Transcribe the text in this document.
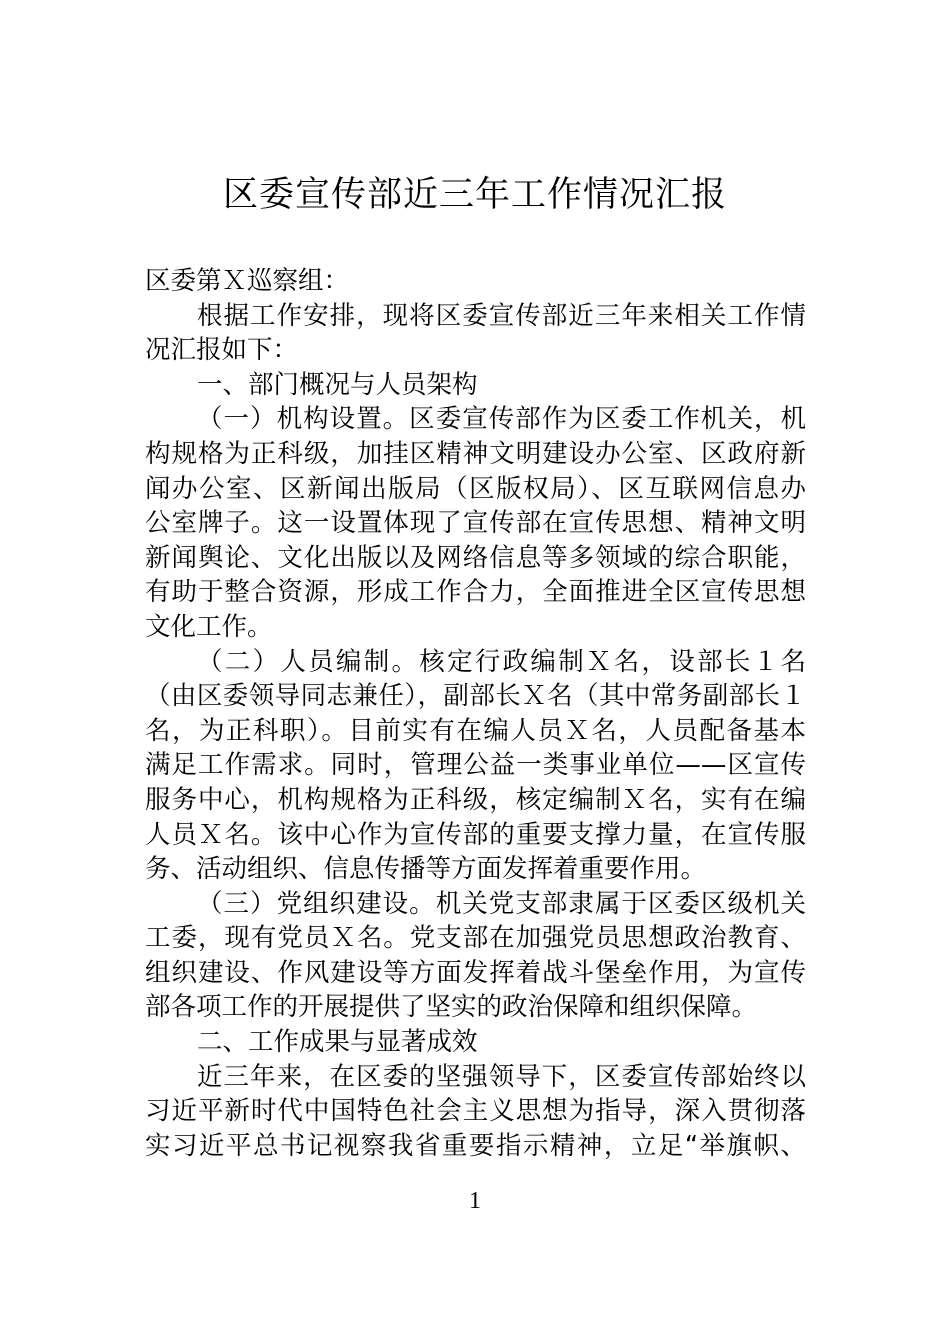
区委宣传部近三年工作情况汇报
区委第Ｘ巡察组：
根据工作安排，现将区委宣传部近三年来相关工作情
况汇报如下：
一、部门概况与人员架构
（一）机构设置。区委宣传部作为区委工作机关，机
构规格为正科级，加挂区精神文明建设办公室、区政府新
闻办公室、区新闻出版局（区版权局）、区互联网信息办
公室牌子。这一设置体现了宣传部在宣传思想、精神文明
新闻舆论、文化出版以及网络信息等多领域的综合职能，
有助于整合资源，形成工作合力，全面推进全区宣传思想
文化工作。
（二）人员编制。核定行政编制Ｘ名，设部长１名
（由区委领导同志兼任），副部长Ｘ名（其中常务副部长１
名，为正科职）。目前实有在编人员Ｘ名，人员配备基本
满足工作需求。同时，管理公益一类事业单位——区宣传
服务中心，机构规格为正科级，核定编制Ｘ名，实有在编
人员Ｘ名。该中心作为宣传部的重要支撑力量，在宣传服
务、活动组织、信息传播等方面发挥着重要作用。
（三）党组织建设。机关党支部隶属于区委区级机关
工委，现有党员Ｘ名。党支部在加强党员思想政治教育、
组织建设、作风建设等方面发挥着战斗堡垒作用，为宣传
部各项工作的开展提供了坚实的政治保障和组织保障。
二、工作成果与显著成效
近三年来，在区委的坚强领导下，区委宣传部始终以
习近平新时代中国特色社会主义思想为指导，深入贯彻落
实习近平总书记视察我省重要指示精神，立足“举旗帜、
1
